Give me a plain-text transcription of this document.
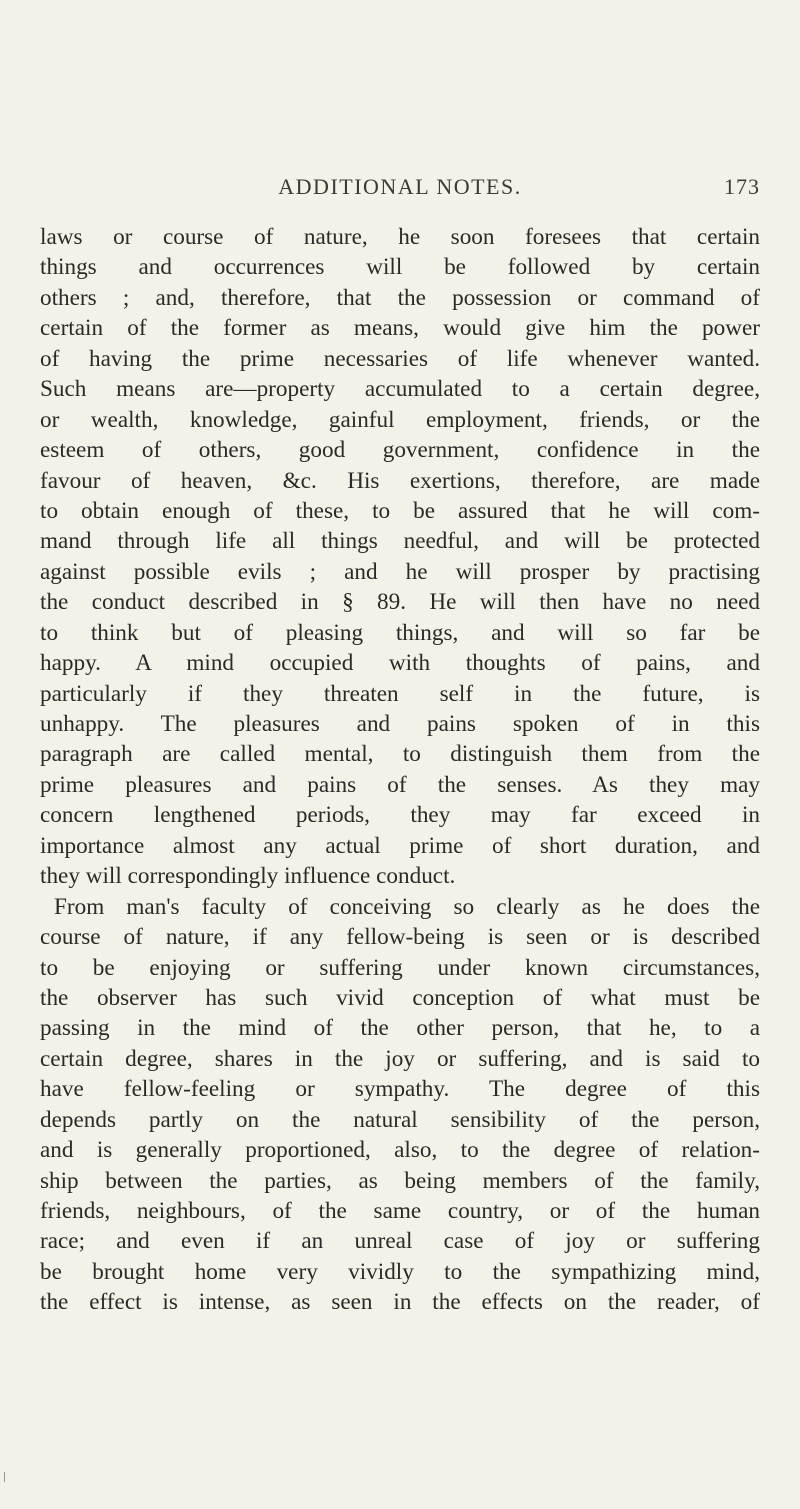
ADDITIONAL NOTES.	173
laws or course of nature, he soon foresees that certain
things and occurrences will be followed by certain
others ; and, therefore, that the possession or command of
certain of the former as means, would give him the power
of having the prime necessaries of life whenever wanted.
Such means are—property accumulated to a certain degree,
or wealth, knowledge, gainful employment, friends, or the
esteem of others, good government, confidence in the
favour of heaven, &c. His exertions, therefore, are made
to obtain enough of these, to be assured that he will com-
mand through life all things needful, and will be protected
against possible evils ; and he will prosper by practising
the conduct described in § 89. He will then have no need
to think but of pleasing things, and will so far be
happy. A mind occupied with thoughts of pains, and
particularly if they threaten self in the future, is
unhappy. The pleasures and pains spoken of in this
paragraph are called mental, to distinguish them from the
prime pleasures and pains of the senses. As they may
concern lengthened periods, they may far exceed in
importance almost any actual prime of short duration, and
they will correspondingly influence conduct.
From man's faculty of conceiving so clearly as he does the
course of nature, if any fellow-being is seen or is described
to be enjoying or suffering under known circumstances,
the observer has such vivid conception of what must be
passing in the mind of the other person, that he, to a
certain degree, shares in the joy or suffering, and is said to
have fellow-feeling or sympathy. The degree of this
depends partly on the natural sensibility of the person,
and is generally proportioned, also, to the degree of relation-
ship between the parties, as being members of the family,
friends, neighbours, of the same country, or of the human
race; and even if an unreal case of joy or suffering
be brought home very vividly to the sympathizing mind,
the effect is intense, as seen in the effects on the reader, of
